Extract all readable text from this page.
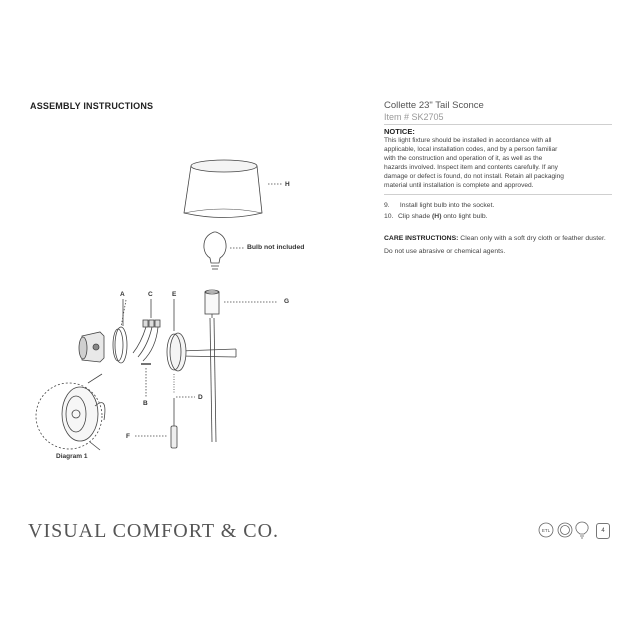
ASSEMBLY INSTRUCTIONS	Collette 23" Tail Sconce
Item # SK2705
NOTICE:
This light fixture should be installed in accordance with all
applicable, local installation codes, and by a person familiar
with the construction and operation of it, as well as the
hazards involved. Inspect item and contents carefully. If any
damage or defect is found, do not install. Retain all packaging
material until installation is complete and approved.
9. Install light bulb into the socket.
10. Clip shade (H) onto light bulb.
CARE INSTRUCTIONS: Clean only with a soft dry cloth or feather duster. Do not use abrasive or chemical agents.
H
Bulb not included
A	C	E
G
B
D
F
Diagram 1
VISUAL COMFORT & CO.	ETL	4
